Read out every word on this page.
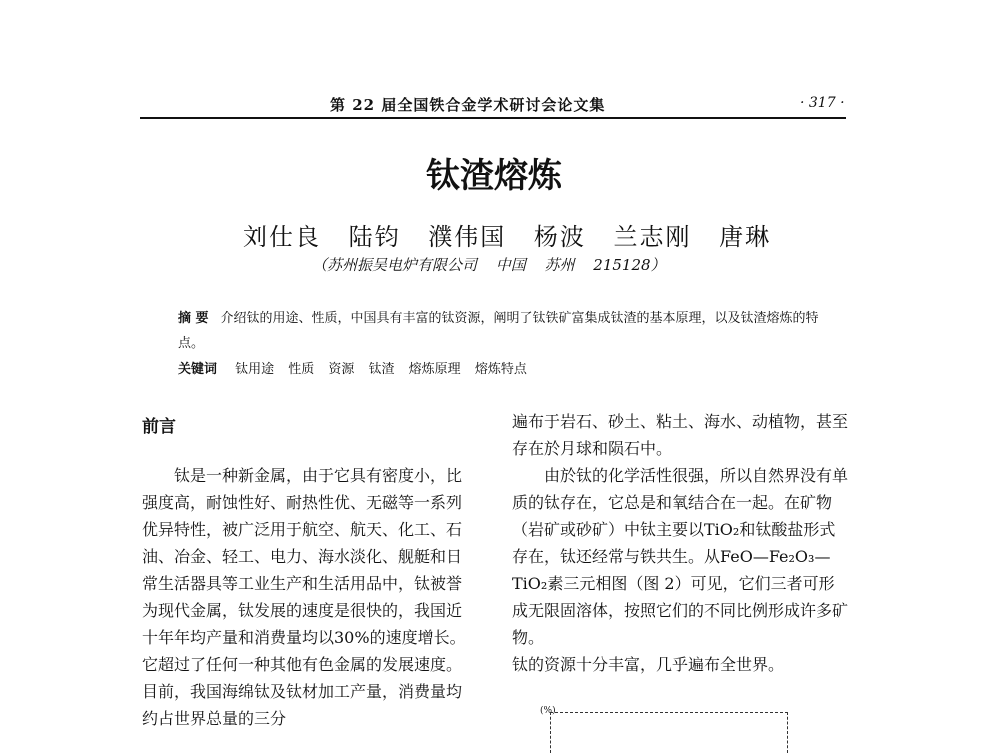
第 22 届全国铁合金学术研讨会论文集	· 317 ·
钛渣熔炼
刘仕良 陆钧 濮伟国 杨波 兰志刚 唐琳
（苏州振吴电炉有限公司 中国 苏州 215128）

摘 要 介绍钛的用途、性质，中国具有丰富的钛资源，阐明了钛铁矿富集成钛渣的基本原理，以及钛渣熔炼的特点。

关键词 钛用途 性质 资源 钛渣 熔炼原理 熔炼特点
前言

钛是一种新金属，由于它具有密度小，比强度高，耐蚀性好、耐热性优、无磁等一系列优异特性，被广泛用于航空、航天、化工、石油、冶金、轻工、电力、海水淡化、舰艇和日常生活器具等工业生产和生活用品中，钛被誉为现代金属，钛发展的速度是很快的，我国近十年年均产量和消费量均以30%的速度增长。它超过了任何一种其他有色金属的发展速度。目前，我国海绵钛及钛材加工产量，消费量均约占世界总量的三分

遍布于岩石、砂土、粘土、海水、动植物，甚至存在於月球和陨石中。

由於钛的化学活性很强，所以自然界没有单质的钛存在，它总是和氧结合在一起。在矿物（岩矿或砂矿）中钛主要以TiO₂和钛酸盐形式存在，钛还经常与铁共生。从FeO—Fe₂O₃—TiO₂素三元相图（图 2）可见，它们三者可形成无限固溶体，按照它们的不同比例形成许多矿物。

钛的资源十分丰富，几乎遍布全世界。

(%)
